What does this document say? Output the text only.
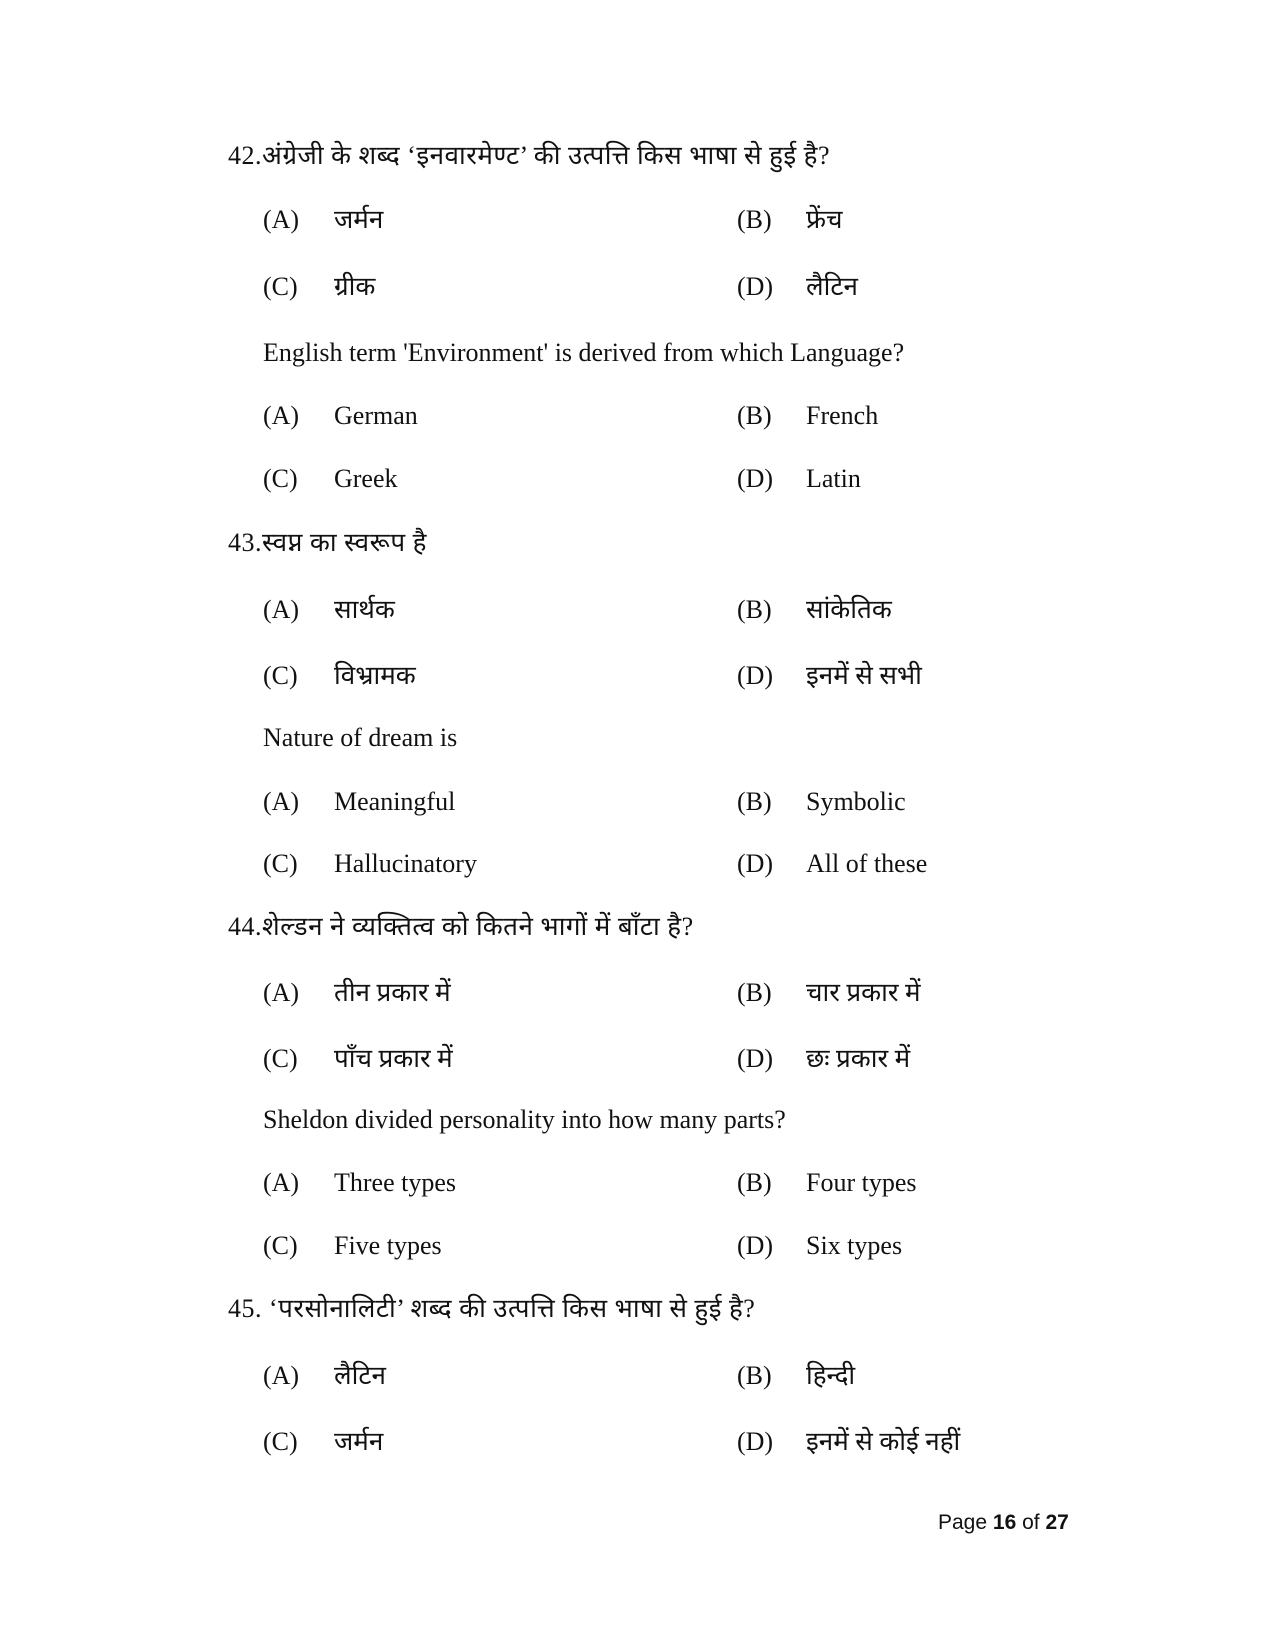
42.अंग्रेजी के शब्द ‘इनवारमेण्ट’ की उत्पत्ति किस भाषा से हुई है?
(A) जर्मन	(B) फ्रेंच
(C) ग्रीक	(D) लैटिन
English term 'Environment' is derived from which Language?
(A) German	(B) French
(C) Greek	(D) Latin
43.स्वप्न का स्वरूप है
(A) सार्थक	(B) सांकेतिक
(C) विभ्रामक	(D) इनमें से सभी
Nature of dream is
(A) Meaningful	(B) Symbolic
(C) Hallucinatory	(D) All of these
44.शेल्डन ने व्यक्तित्व को कितने भागों में बाँटा है?
(A) तीन प्रकार में	(B) चार प्रकार में
(C) पाँच प्रकार में	(D) छः प्रकार में
Sheldon divided personality into how many parts?
(A) Three types	(B) Four types
(C) Five types	(D) Six types
45. ‘परसोनालिटी’ शब्द की उत्पत्ति किस भाषा से हुई है?
(A) लैटिन	(B) हिन्दी
(C) जर्मन	(D) इनमें से कोई नहीं
Page 16 of 27
